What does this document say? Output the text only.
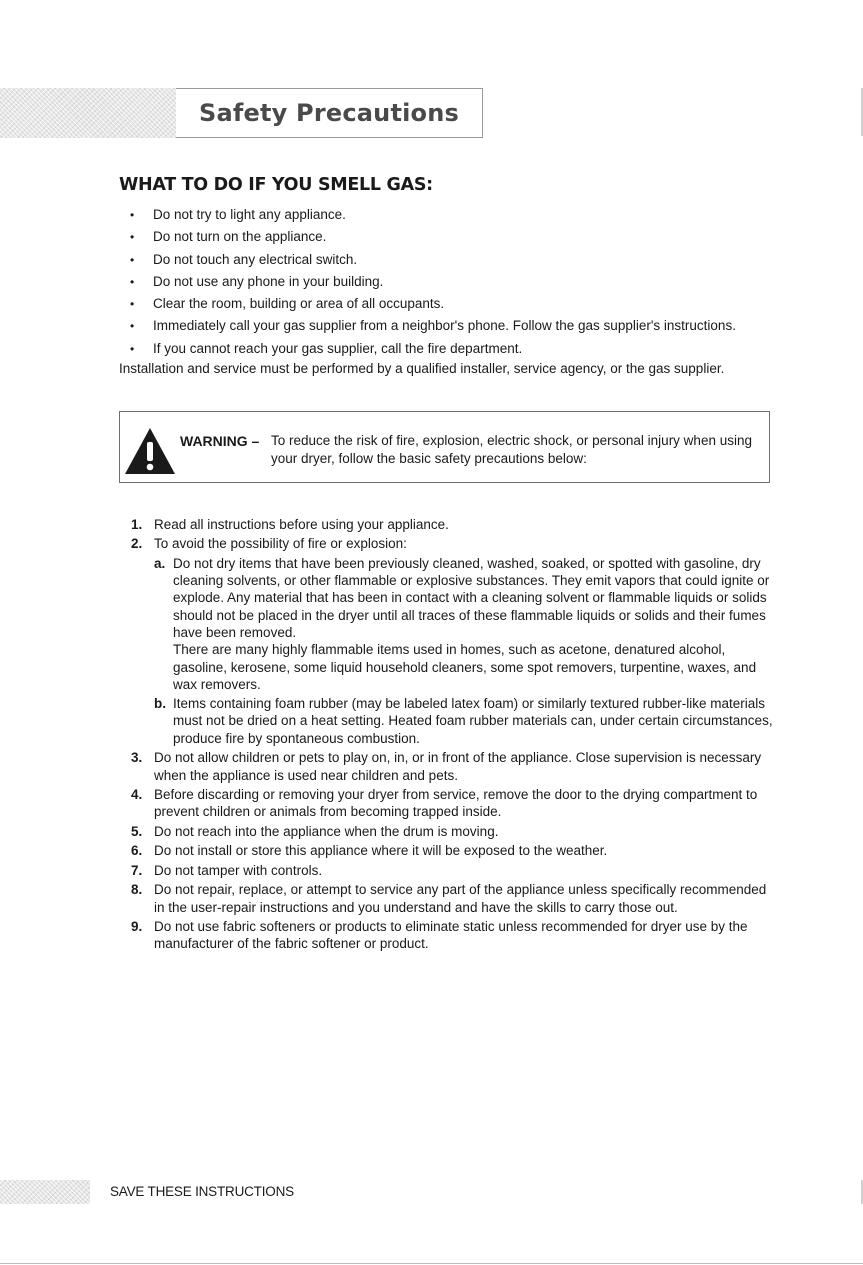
Safety Precautions
WHAT TO DO IF YOU SMELL GAS:
• Do not try to light any appliance.
• Do not turn on the appliance.
• Do not touch any electrical switch.
• Do not use any phone in your building.
• Clear the room, building or area of all occupants.
• Immediately call your gas supplier from a neighbor's phone. Follow the gas supplier's instructions.
• If you cannot reach your gas supplier, call the fire department.

Installation and service must be performed by a qualified installer, service agency, or the gas supplier.

WARNING – To reduce the risk of fire, explosion, electric shock, or personal injury when using your dryer, follow the basic safety precautions below:

1. Read all instructions before using your appliance.
2. To avoid the possibility of fire or explosion:
a. Do not dry items that have been previously cleaned, washed, soaked, or spotted with gasoline, dry cleaning solvents, or other flammable or explosive substances. They emit vapors that could ignite or explode. Any material that has been in contact with a cleaning solvent or flammable liquids or solids should not be placed in the dryer until all traces of these flammable liquids or solids and their fumes have been removed.

There are many highly flammable items used in homes, such as acetone, denatured alcohol, gasoline, kerosene, some liquid household cleaners, some spot removers, turpentine, waxes, and wax removers.

b. Items containing foam rubber (may be labeled latex foam) or similarly textured rubber-like materials must not be dried on a heat setting. Heated foam rubber materials can, under certain circumstances, produce fire by spontaneous combustion.

3. Do not allow children or pets to play on, in, or in front of the appliance. Close supervision is necessary when the appliance is used near children and pets.
4. Before discarding or removing your dryer from service, remove the door to the drying compartment to prevent children or animals from becoming trapped inside.
5. Do not reach into the appliance when the drum is moving.
6. Do not install or store this appliance where it will be exposed to the weather.
7. Do not tamper with controls.
8. Do not repair, replace, or attempt to service any part of the appliance unless specifically recommended in the user-repair instructions and you understand and have the skills to carry those out.
9. Do not use fabric softeners or products to eliminate static unless recommended for dryer use by the manufacturer of the fabric softener or product.

SAVE THESE INSTRUCTIONS
